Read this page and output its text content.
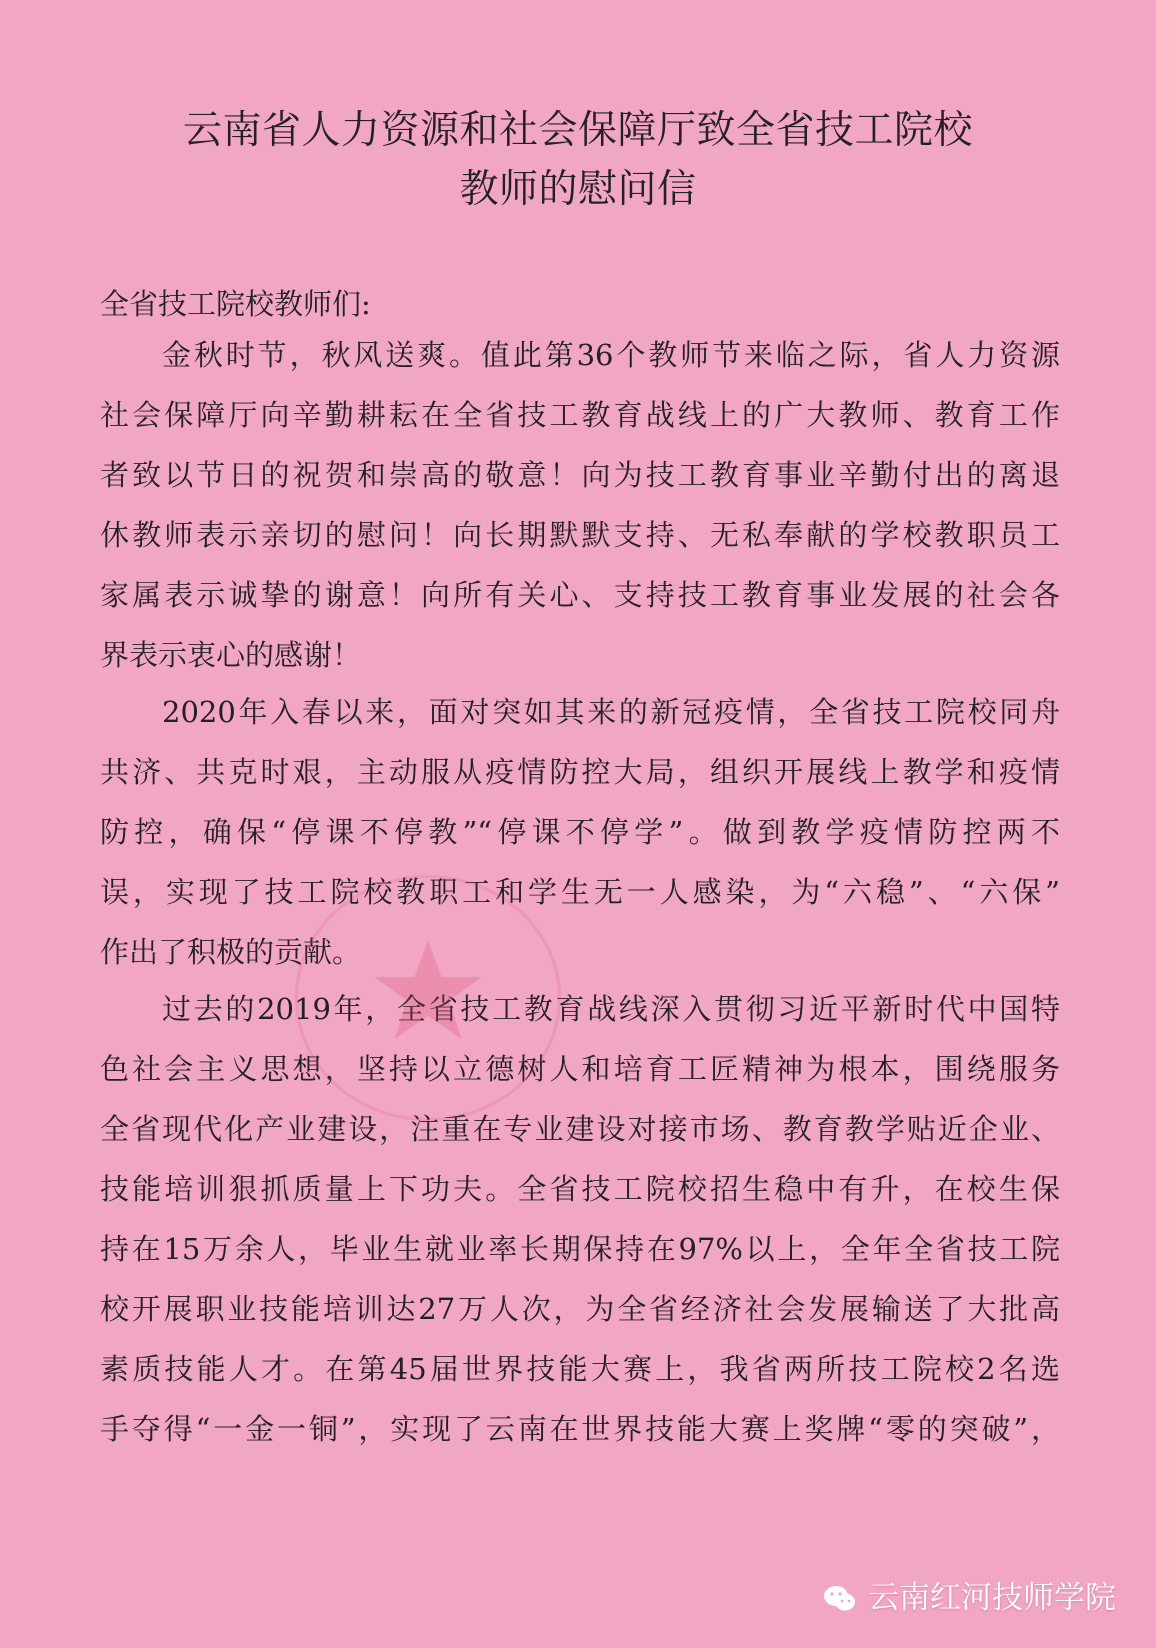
云南省人力资源和社会保障厅致全省技工院校
教师的慰问信
全省技工院校教师们:
金秋时节，秋风送爽。值此第36个教师节来临之际，省人力资源
社会保障厅向辛勤耕耘在全省技工教育战线上的广大教师、教育工作
者致以节日的祝贺和崇高的敬意！向为技工教育事业辛勤付出的离退
休教师表示亲切的慰问！向长期默默支持、无私奉献的学校教职员工
家属表示诚挚的谢意！向所有关心、支持技工教育事业发展的社会各
界表示衷心的感谢！
2020年入春以来，面对突如其来的新冠疫情，全省技工院校同舟
共济、共克时艰，主动服从疫情防控大局，组织开展线上教学和疫情
防控，确保“停课不停教”“停课不停学”。做到教学疫情防控两不
误，实现了技工院校教职工和学生无一人感染，为“六稳”、“六保”
作出了积极的贡献。
过去的2019年，全省技工教育战线深入贯彻习近平新时代中国特
色社会主义思想，坚持以立德树人和培育工匠精神为根本，围绕服务
全省现代化产业建设，注重在专业建设对接市场、教育教学贴近企业、
技能培训狠抓质量上下功夫。全省技工院校招生稳中有升，在校生保
持在15万余人，毕业生就业率长期保持在97%以上，全年全省技工院
校开展职业技能培训达27万人次，为全省经济社会发展输送了大批高
素质技能人才。在第45届世界技能大赛上，我省两所技工院校2名选
手夺得“一金一铜”，实现了云南在世界技能大赛上奖牌“零的突破”，
云南红河技师学院
